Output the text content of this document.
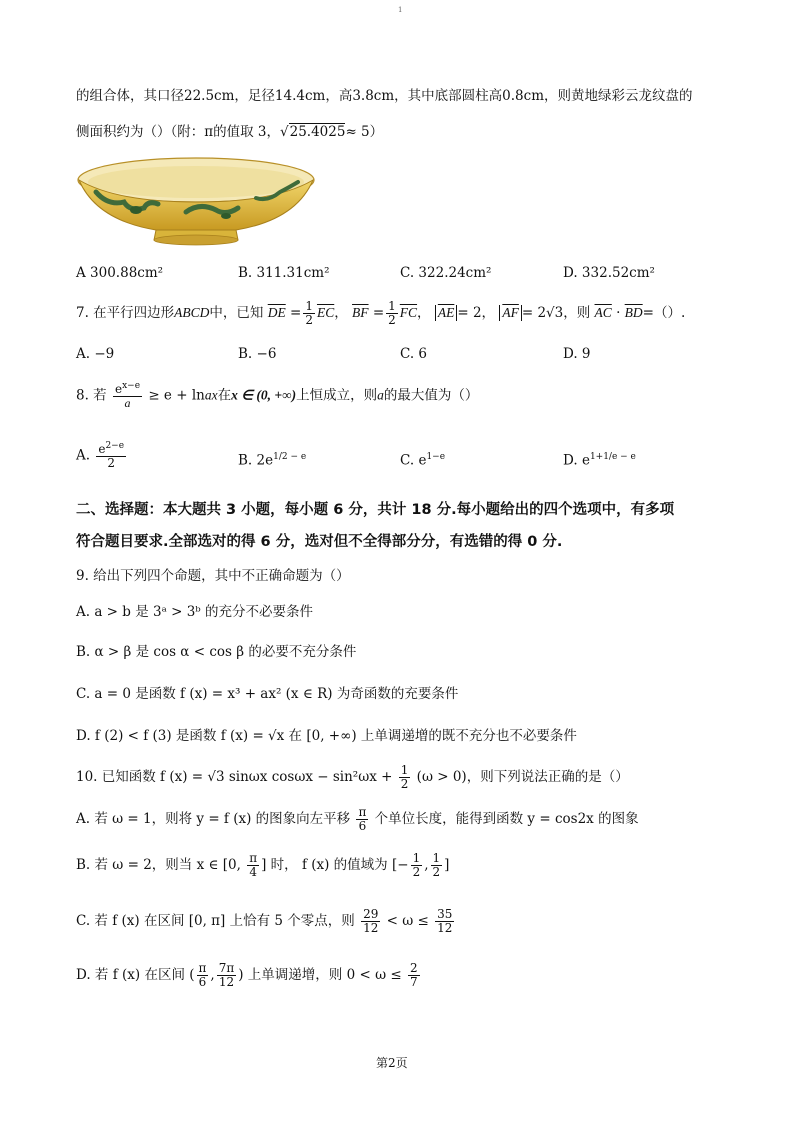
1
的组合体，其口径22.5cm，足径14.4cm，高3.8cm，其中底部圆柱高0.8cm，则黄地绿彩云龙纹盘的
侧面积约为（）（附：π的值取 3，√25.4025≈ 5）
A 300.88cm²	B. 311.31cm²	C. 322.24cm²	D. 332.52cm²
7. 在平行四边形ABCD中，已知 $\overline{DE} = \frac{1}{2} \overline{EC}$， $\overline{BF} = \frac{1}{2} \overline{FC}$， $\overline{AE} = 2$， $\overline{AF} = 2√3$，则 $\overline{AC} \cdot \overline{BD}=()$.
A. −9	B. −6	C. 6	D. 9
8. 若 $\frac{e^{x-e}}{a} \ge e$ + lnax在x ∈ (0, +∞)上恒成立，则a的最大值为（）
A. $\frac{e^{2-e}}{2}$	B. $2e^{1/2 - e}$	C. $e^{1-e}$	D. $e^{1+1/e - e}$
二、选择题：本大题共 3 小题，每小题 6 分，共计 18 分.每小题给出的四个选项中，有多项
符合题目要求.全部选对的得 6 分，选对但不全得部分分，有选错的得 0 分.
9. 给出下列四个命题，其中不正确命题为（）
A. a > b 是 3ᵃ > 3ᵇ 的充分不必要条件
B. α > β 是 cos α < cos β 的必要不充分条件
C. a = 0 是函数 f (x) = x³ + ax² (x ∈ R) 为奇函数的充要条件
D. f (2) < f (3) 是函数 f (x) = √x 在 [0, +∞) 上单调递增的既不充分也不必要条件
10. 已知函数 f (x) = √3 sinωx $\cos\omega x - \sin^2\omega x + \frac{1}{2} (\omega > 0)$，则下列说法正确的是（）
A. 若 ω = 1，则将 y = f (x) 的图象向左平移 $\frac{\pi}{6}$ 个单位长度，能得到函数 y = cos2x 的图象
B. 若 ω = 2，则当 x ∈ [0, $\frac{\pi}{4}$ ] 时， f (x) 的值域为 [− $\frac{1}{2}$ , $\frac{1}{2}$ ]
C. 若 f (x) 在区间 [0, π] 上恰有 5 个零点，则 $\frac{29}{12} < \omega \le \frac{35}{12}$
D. 若 f (x) 在区间 ( $\frac{\pi}{6}$ , $\frac{7\pi}{12}$ ) 上单调递增，则 $0 < \omega \le \frac{2}{7}$
第2页
